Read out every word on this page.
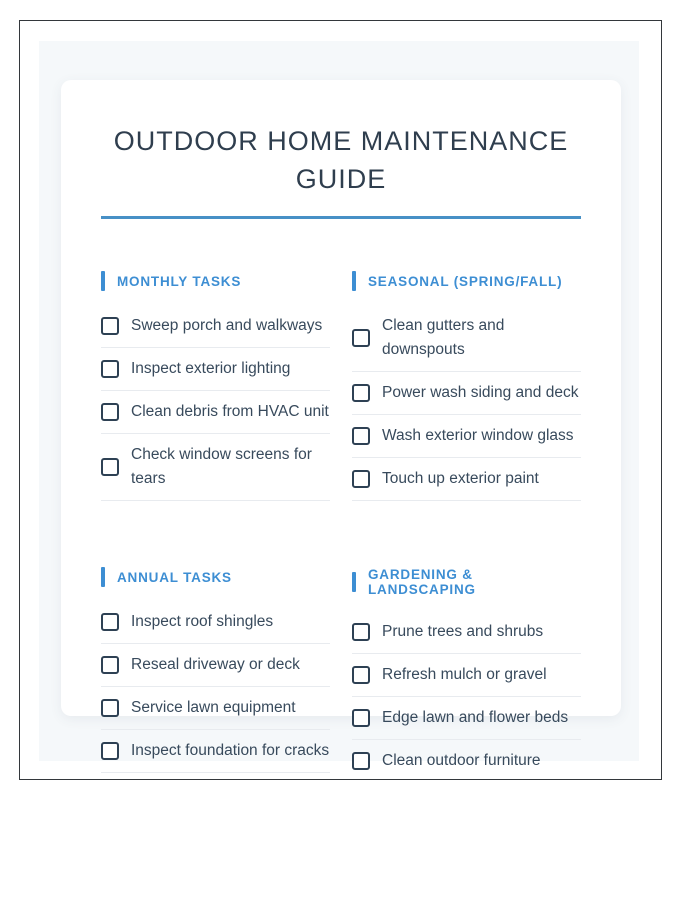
OUTDOOR HOME MAINTENANCE GUIDE
MONTHLY TASKS
Sweep porch and walkways
Inspect exterior lighting
Clean debris from HVAC unit
Check window screens for tears
SEASONAL (SPRING/FALL)
Clean gutters and downspouts
Power wash siding and deck
Wash exterior window glass
Touch up exterior paint
ANNUAL TASKS
Inspect roof shingles
Reseal driveway or deck
Service lawn equipment
Inspect foundation for cracks
GARDENING & LANDSCAPING
Prune trees and shrubs
Refresh mulch or gravel
Edge lawn and flower beds
Clean outdoor furniture
